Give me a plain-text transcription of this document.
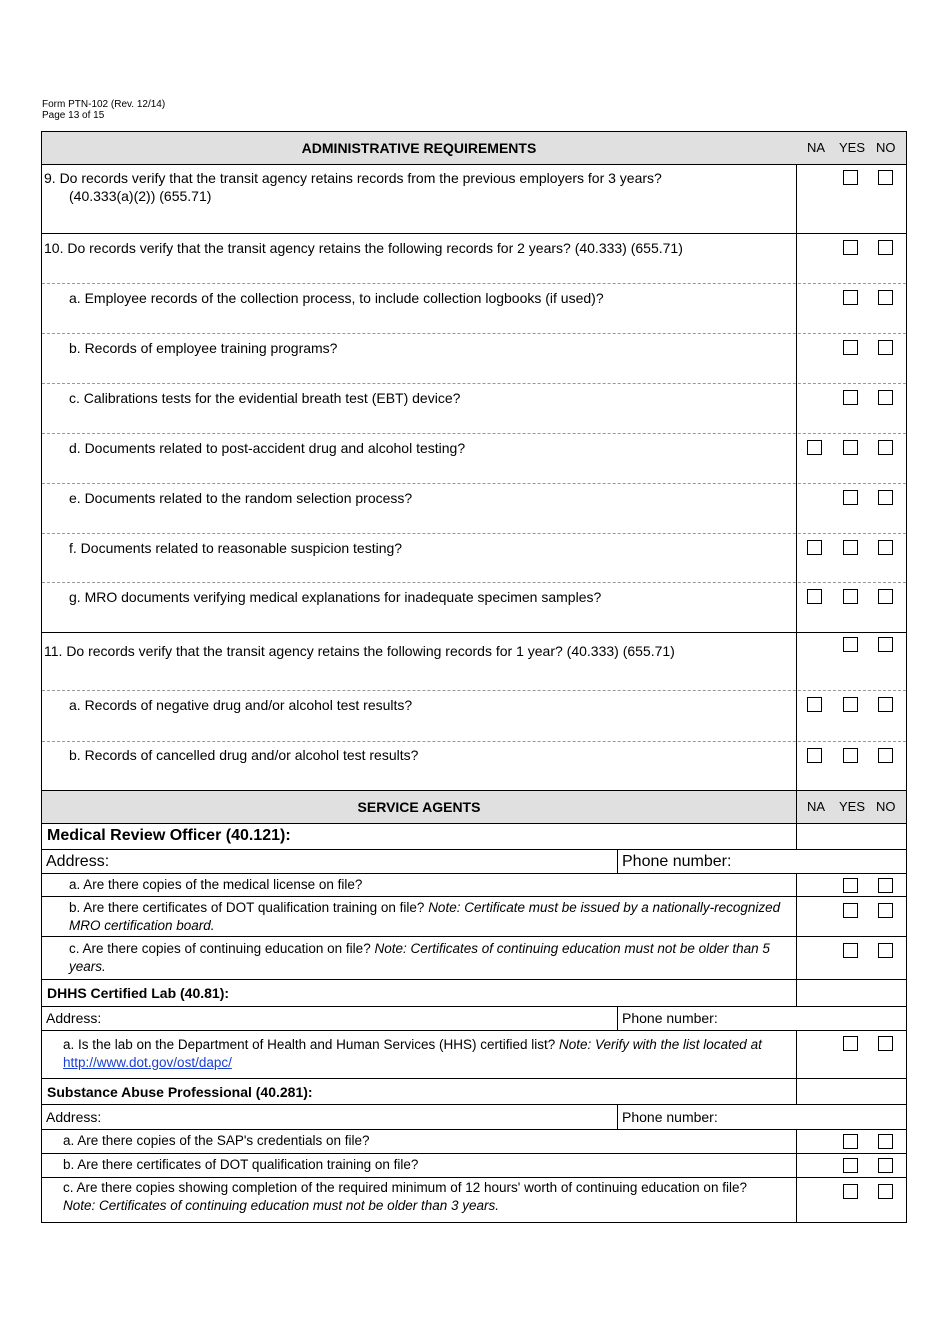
Form PTN-102 (Rev. 12/14)
Page 13 of 15
ADMINISTRATIVE REQUIREMENTS	NA YES NO
9. Do records verify that the transit agency retains records from the previous employers for 3 years?
(40.333(a)(2)) (655.71)
10. Do records verify that the transit agency retains the following records for 2 years? (40.333) (655.71)
a. Employee records of the collection process, to include collection logbooks (if used)?
b. Records of employee training programs?
c. Calibrations tests for the evidential breath test (EBT) device?
d. Documents related to post-accident drug and alcohol testing?
e. Documents related to the random selection process?
f. Documents related to reasonable suspicion testing?
g. MRO documents verifying medical explanations for inadequate specimen samples?
11. Do records verify that the transit agency retains the following records for 1 year? (40.333) (655.71)
a. Records of negative drug and/or alcohol test results?
b. Records of cancelled drug and/or alcohol test results?
SERVICE AGENTS	NA YES NO
Medical Review Officer (40.121):
Address:	Phone number:
a. Are there copies of the medical license on file?
b. Are there certificates of DOT qualification training on file? Note: Certificate must be issued by a nationally-recognized MRO certification board.
c. Are there copies of continuing education on file? Note: Certificates of continuing education must not be older than 5 years.
DHHS Certified Lab (40.81):
Address:	Phone number:
a. Is the lab on the Department of Health and Human Services (HHS) certified list? Note: Verify with the list located at http://www.dot.gov/ost/dapc/
Substance Abuse Professional (40.281):
Address:	Phone number:
a. Are there copies of the SAP's credentials on file?
b. Are there certificates of DOT qualification training on file?
c. Are there copies showing completion of the required minimum of 12 hours' worth of continuing education on file? Note: Certificates of continuing education must not be older than 3 years.
